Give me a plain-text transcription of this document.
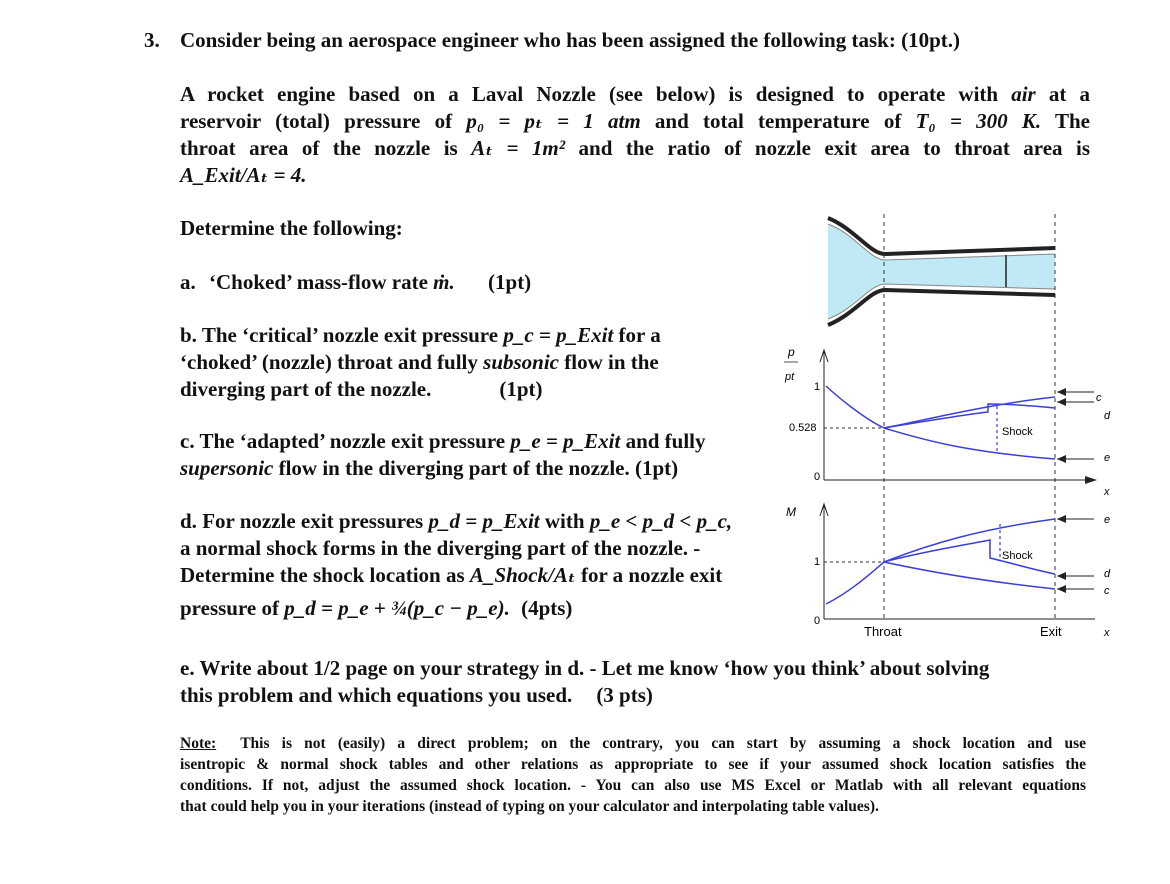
3. Consider being an aerospace engineer who has been assigned the following task: (10pt.)
A rocket engine based on a Laval Nozzle (see below) is designed to operate with air at a
reservoir (total) pressure of p₀ = pₜ = 1 atm and total temperature of T₀ = 300 K. The
throat area of the nozzle is Aₜ = 1m² and the ratio of nozzle exit area to throat area is
A_Exit/Aₜ = 4.
Determine the following:
a. ‘Choked’ mass-flow rate ṁ. (1pt)
b. The ‘critical’ nozzle exit pressure p_c = p_Exit for a
‘choked’ (nozzle) throat and fully subsonic flow in the
diverging part of the nozzle.	(1pt)
c. The ‘adapted’ nozzle exit pressure p_e = p_Exit and fully
supersonic flow in the diverging part of the nozzle. (1pt)
d. For nozzle exit pressures p_d = p_Exit with p_e < p_d < p_c,
a normal shock forms in the diverging part of the nozzle. -
Determine the shock location as A_Shock/Aₜ for a nozzle exit
pressure of p_d = p_e + ¾(p_c − p_e). (4pts)
e. Write about 1/2 page on your strategy in d. - Let me know ‘how you think’ about solving
this problem and which equations you used. (3 pts)
Note: This is not (easily) a direct problem; on the contrary, you can start by assuming a shock location and use
isentropic & normal shock tables and other relations as appropriate to see if your assumed shock location satisfies the
conditions. If not, adjust the assumed shock location. - You can also use MS Excel or Matlab with all relevant equations
that could help you in your iterations (instead of typing on your calculator and interpolating table values).
p
pt
1
0.528
0
Shock
c
d
e
x
M
1
0
Shock
e
d
c
Throat	Exit	x
